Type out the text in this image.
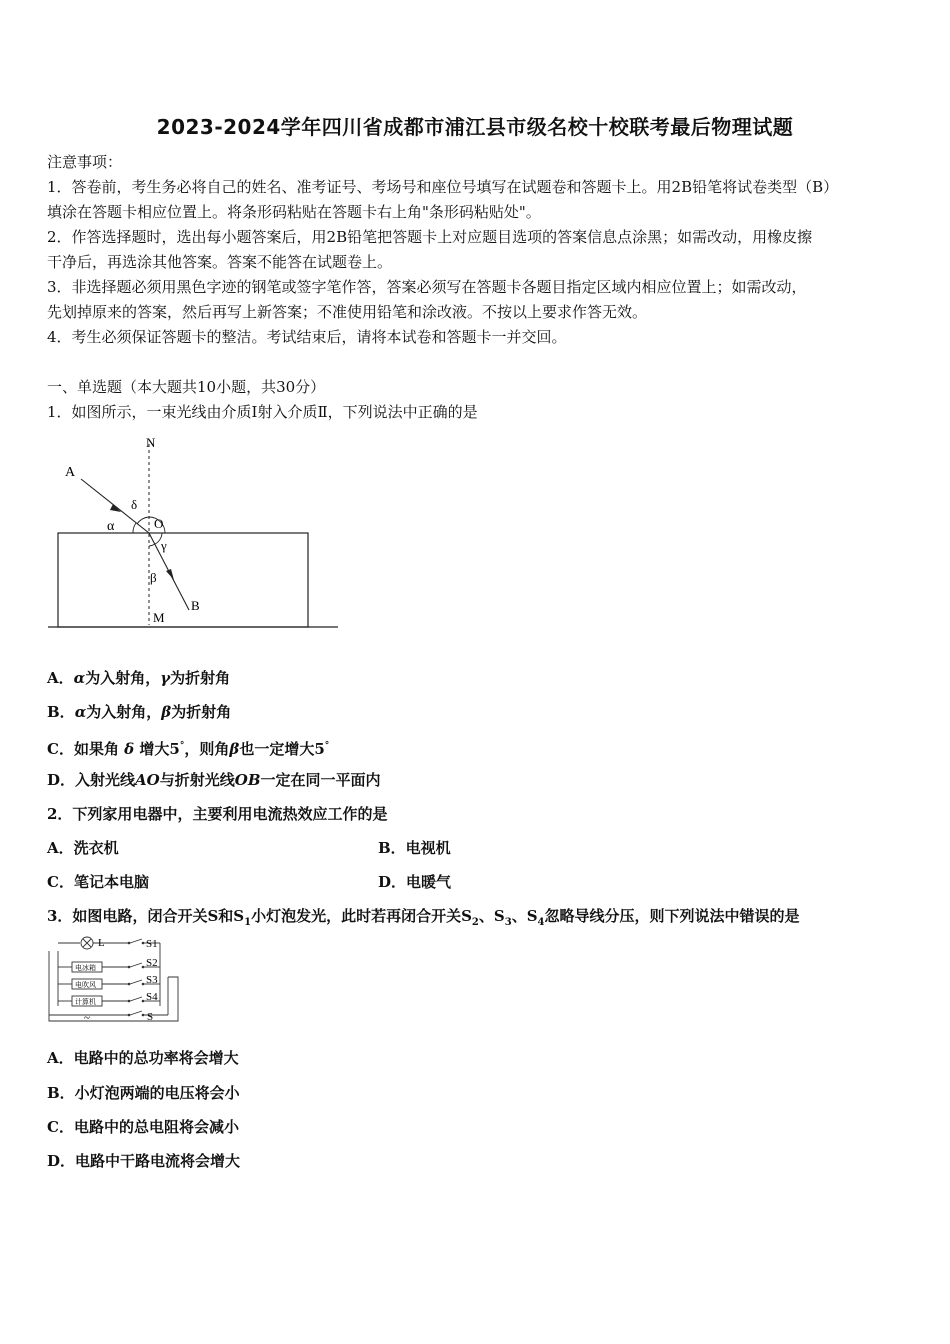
2023-2024学年四川省成都市浦江县市级名校十校联考最后物理试题
注意事项：
1．答卷前，考生务必将自己的姓名、准考证号、考场号和座位号填写在试题卷和答题卡上。用2B铅笔将试卷类型（B）
填涂在答题卡相应位置上。将条形码粘贴在答题卡右上角"条形码粘贴处"。
2．作答选择题时，选出每小题答案后，用2B铅笔把答题卡上对应题目选项的答案信息点涂黑；如需改动，用橡皮擦
干净后，再选涂其他答案。答案不能答在试题卷上。
3．非选择题必须用黑色字迹的钢笔或签字笔作答，答案必须写在答题卡各题目指定区域内相应位置上；如需改动，
先划掉原来的答案，然后再写上新答案；不准使用铅笔和涂改液。不按以上要求作答无效。
4．考生必须保证答题卡的整洁。考试结束后，请将本试卷和答题卡一并交回。
一、单选题（本大题共10小题，共30分）
1．如图所示，一束光线由介质Ⅰ射入介质Ⅱ，下列说法中正确的是
N
A
δ
α	O
γ
β
B
M
A．α为入射角，γ为折射角
B．α为入射角，β为折射角
C．如果角 δ 增大5°，则角β也一定增大5°
D．入射光线AO与折射光线OB一定在同一平面内
2．下列家用电器中，主要利用电流热效应工作的是
A．洗衣机	B．电视机
C．笔记本电脑	D．电暖气
3．如图电路，闭合开关S和$S_1$小灯泡发光，此时若再闭合开关$S_2$、$S_3$、$S_4$忽略导线分压，则下列说法中错误的是
L	S1
S2
S3
S4
S
电冰箱
电吹风
计算机
~
A．电路中的总功率将会增大
B．小灯泡两端的电压将会小
C．电路中的总电阻将会减小
D．电路中干路电流将会增大
